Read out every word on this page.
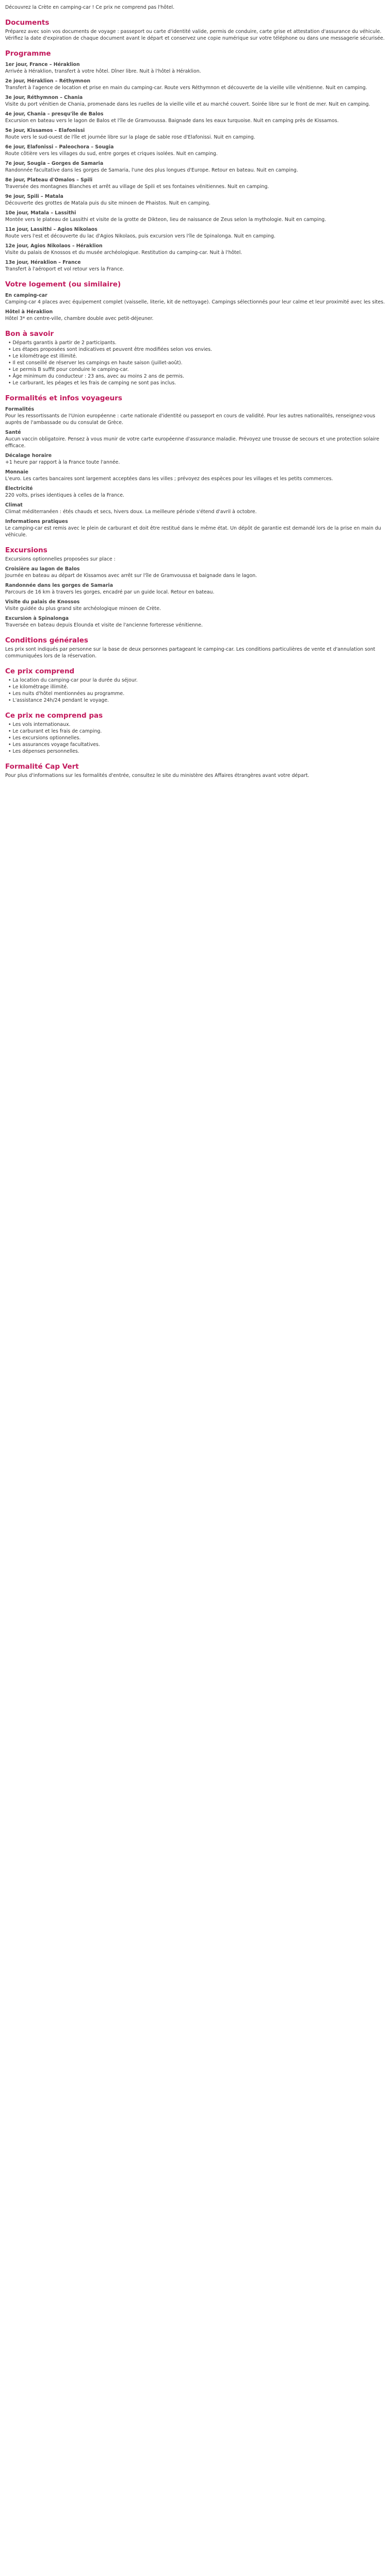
Découvrez la Crète en camping-car ! Ce prix ne comprend pas l'hôtel.
Documents
Préparez avec soin vos documents de voyage : passeport ou carte d'identité valide, permis de conduire, carte grise et attestation d'assurance du véhicule. Vérifiez la date d'expiration de chaque document avant le départ et conservez une copie numérique sur votre téléphone ou dans une messagerie sécurisée.
Programme
1er jour, France – Héraklion
Arrivée à Héraklion, transfert à votre hôtel. Dîner libre. Nuit à l'hôtel à Héraklion.
2e jour, Héraklion – Réthymnon
Transfert à l'agence de location et prise en main du camping-car. Route vers Réthymnon et découverte de la vieille ville vénitienne. Nuit en camping.
3e jour, Réthymnon – Chania
Visite du port vénitien de Chania, promenade dans les ruelles de la vieille ville et au marché couvert. Soirée libre sur le front de mer. Nuit en camping.
4e jour, Chania – presqu'île de Balos
Excursion en bateau vers le lagon de Balos et l'île de Gramvoussa. Baignade dans les eaux turquoise. Nuit en camping près de Kissamos.
5e jour, Kissamos – Elafonissi
Route vers le sud-ouest de l'île et journée libre sur la plage de sable rose d'Elafonissi. Nuit en camping.
6e jour, Elafonissi – Paleochora – Sougia
Route côtière vers les villages du sud, entre gorges et criques isolées. Nuit en camping.
7e jour, Sougia – Gorges de Samaria
Randonnée facultative dans les gorges de Samaria, l'une des plus longues d'Europe. Retour en bateau. Nuit en camping.
8e jour, Plateau d'Omalos – Spili
Traversée des montagnes Blanches et arrêt au village de Spili et ses fontaines vénitiennes. Nuit en camping.
9e jour, Spili – Matala
Découverte des grottes de Matala puis du site minoen de Phaistos. Nuit en camping.
10e jour, Matala – Lassithi
Montée vers le plateau de Lassithi et visite de la grotte de Dikteon, lieu de naissance de Zeus selon la mythologie. Nuit en camping.
11e jour, Lassithi – Agios Nikolaos
Route vers l'est et découverte du lac d'Agios Nikolaos, puis excursion vers l'île de Spinalonga. Nuit en camping.
12e jour, Agios Nikolaos – Héraklion
Visite du palais de Knossos et du musée archéologique. Restitution du camping-car. Nuit à l'hôtel.
13e jour, Héraklion – France
Transfert à l'aéroport et vol retour vers la France.
Votre logement (ou similaire)
En camping-car
Camping-car 4 places avec équipement complet (vaisselle, literie, kit de nettoyage). Campings sélectionnés pour leur calme et leur proximité avec les sites.
Hôtel à Héraklion
Hôtel 3* en centre-ville, chambre double avec petit-déjeuner.
Bon à savoir
• Départs garantis à partir de 2 participants.
• Les étapes proposées sont indicatives et peuvent être modifiées selon vos envies.
• Le kilométrage est illimité.
• Il est conseillé de réserver les campings en haute saison (juillet-août).
• Le permis B suffit pour conduire le camping-car.
• Âge minimum du conducteur : 23 ans, avec au moins 2 ans de permis.
• Le carburant, les péages et les frais de camping ne sont pas inclus.
Formalités et infos voyageurs
Formalités
Pour les ressortissants de l'Union européenne : carte nationale d'identité ou passeport en cours de validité. Pour les autres nationalités, renseignez-vous auprès de l'ambassade ou du consulat de Grèce.
Santé
Aucun vaccin obligatoire. Pensez à vous munir de votre carte européenne d'assurance maladie. Prévoyez une trousse de secours et une protection solaire efficace.
Décalage horaire
+1 heure par rapport à la France toute l'année.
Monnaie
L'euro. Les cartes bancaires sont largement acceptées dans les villes ; prévoyez des espèces pour les villages et les petits commerces.
Électricité
220 volts, prises identiques à celles de la France.
Climat
Climat méditerranéen : étés chauds et secs, hivers doux. La meilleure période s'étend d'avril à octobre.
Informations pratiques
Le camping-car est remis avec le plein de carburant et doit être restitué dans le même état. Un dépôt de garantie est demandé lors de la prise en main du véhicule.
Excursions
Excursions optionnelles proposées sur place :
Croisière au lagon de Balos
Journée en bateau au départ de Kissamos avec arrêt sur l'île de Gramvoussa et baignade dans le lagon.
Randonnée dans les gorges de Samaria
Parcours de 16 km à travers les gorges, encadré par un guide local. Retour en bateau.
Visite du palais de Knossos
Visite guidée du plus grand site archéologique minoen de Crète.
Excursion à Spinalonga
Traversée en bateau depuis Elounda et visite de l'ancienne forteresse vénitienne.
Conditions générales
Les prix sont indiqués par personne sur la base de deux personnes partageant le camping-car. Les conditions particulières de vente et d'annulation sont communiquées lors de la réservation.
Ce prix comprend
• La location du camping-car pour la durée du séjour.
• Le kilométrage illimité.
• Les nuits d'hôtel mentionnées au programme.
• L'assistance 24h/24 pendant le voyage.
Ce prix ne comprend pas
• Les vols internationaux.
• Le carburant et les frais de camping.
• Les excursions optionnelles.
• Les assurances voyage facultatives.
• Les dépenses personnelles.
Formalité Cap Vert
Pour plus d'informations sur les formalités d'entrée, consultez le site du ministère des Affaires étrangères avant votre départ.
